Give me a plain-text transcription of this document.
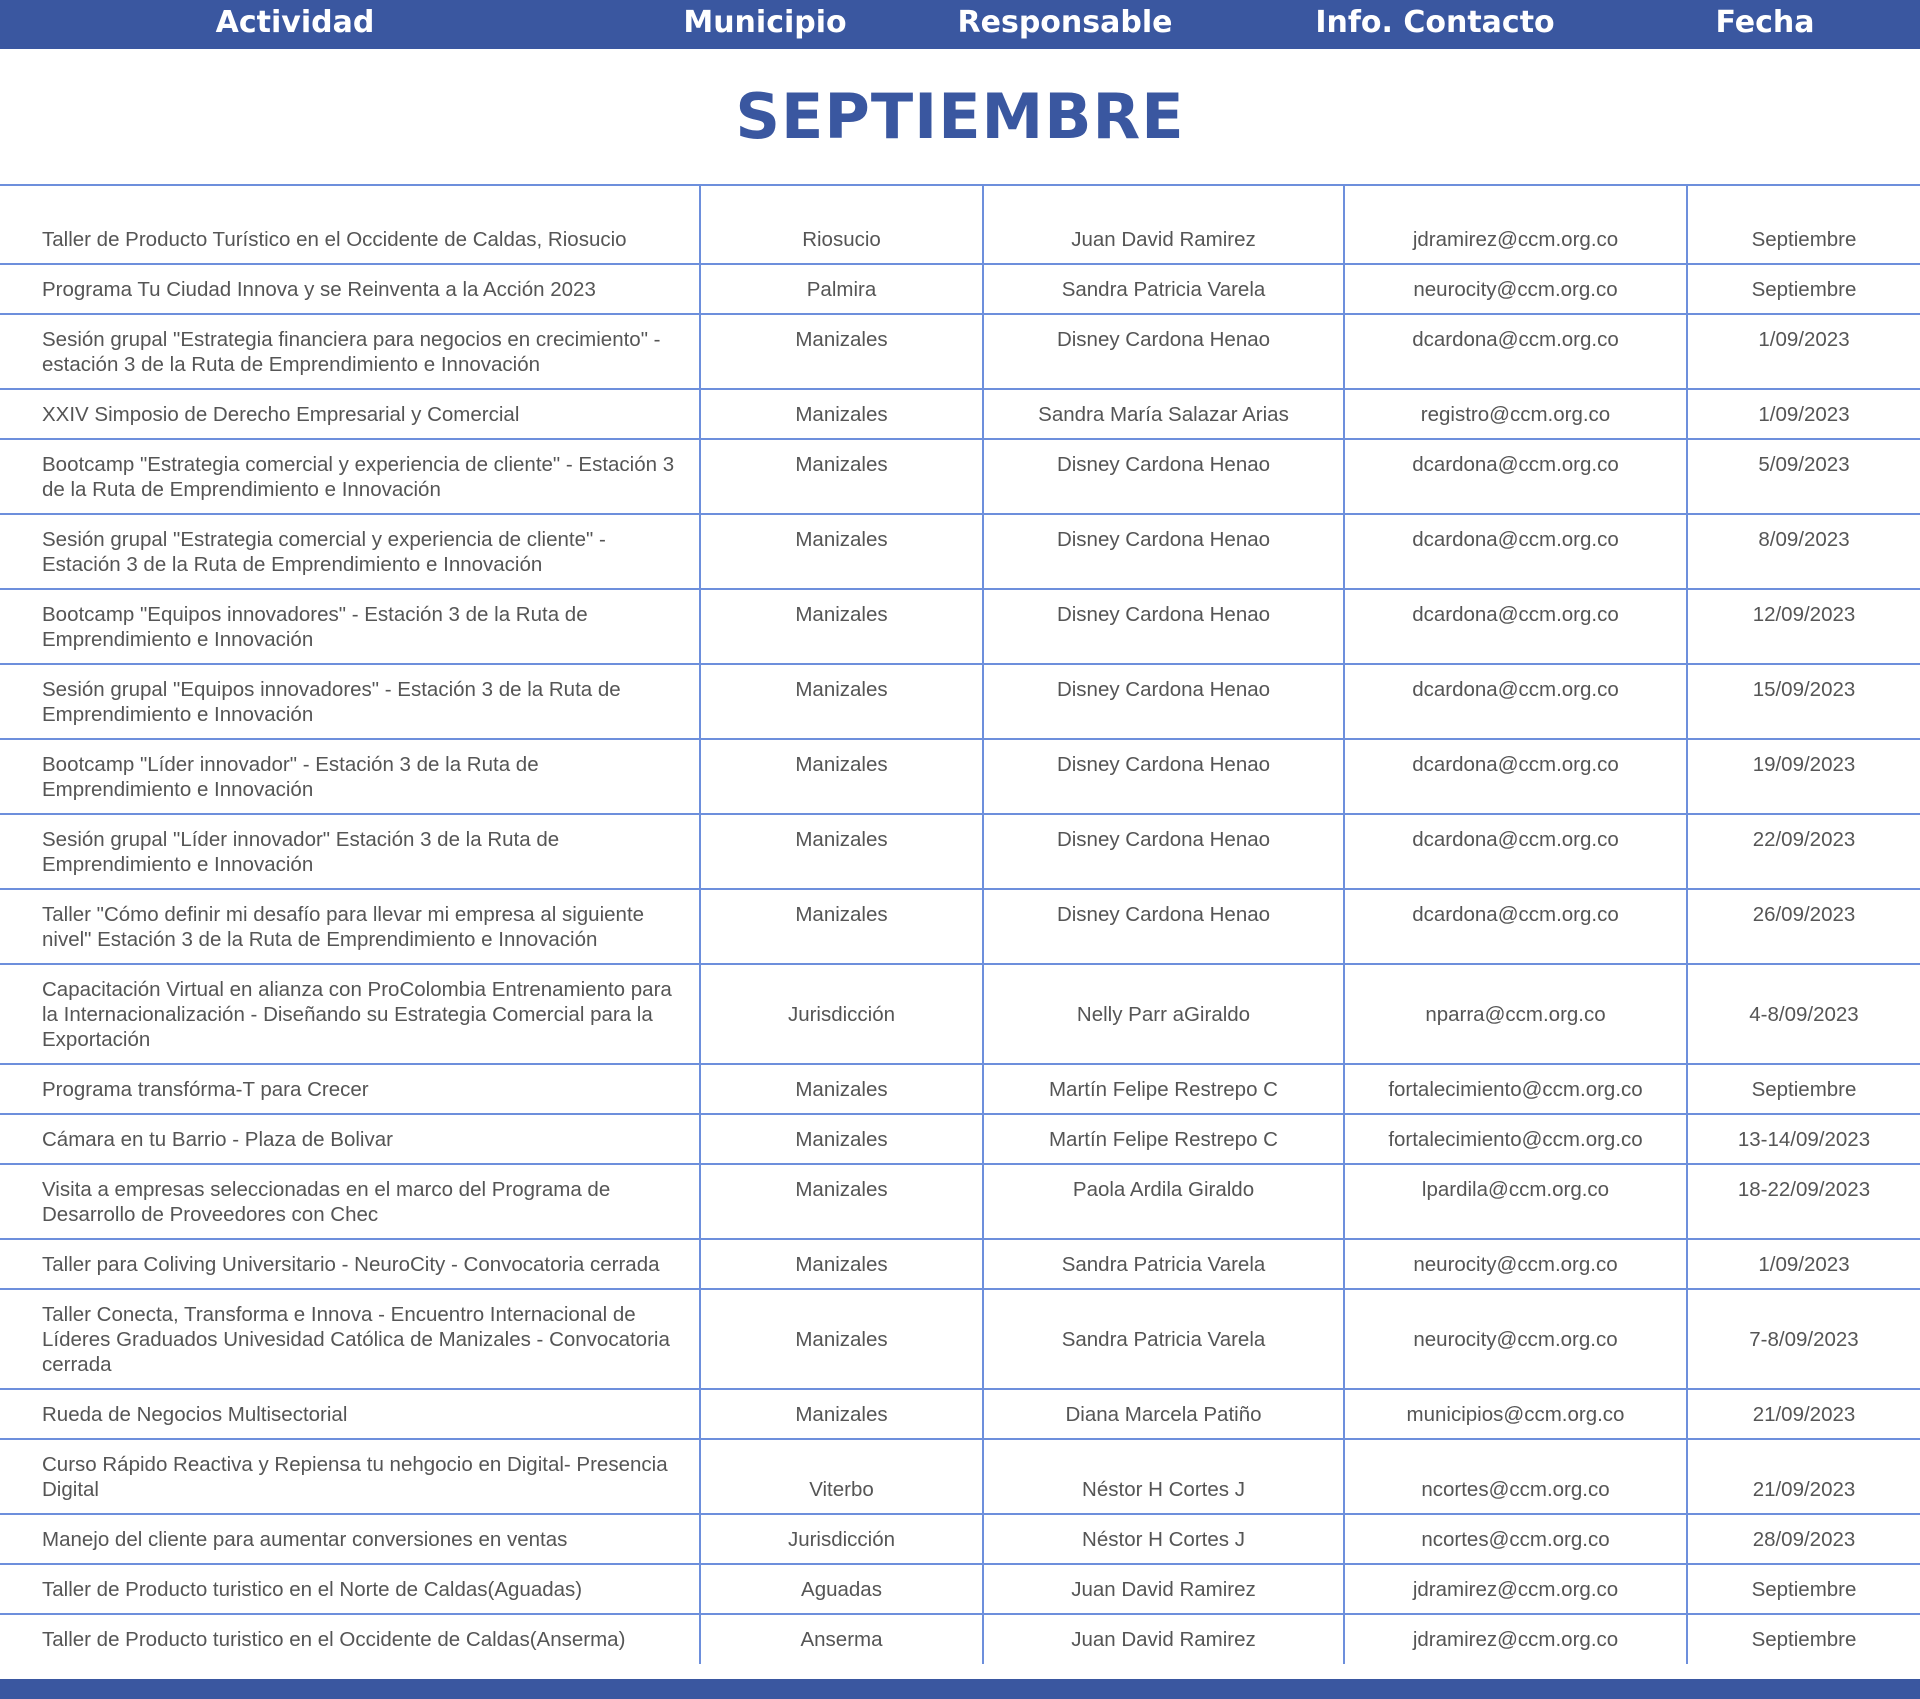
Actividad	Municipio	Responsable	Info. Contacto	Fecha
SEPTIEMBRE
Taller de Producto Turístico en el Occidente de Caldas, Riosucio	Riosucio	Juan David Ramirez	jdramirez@ccm.org.co	Septiembre
Programa Tu Ciudad Innova y se Reinventa a la Acción 2023	Palmira	Sandra Patricia Varela	neurocity@ccm.org.co	Septiembre
Sesión grupal "Estrategia financiera para negocios en crecimiento" - estación 3 de la Ruta de Emprendimiento e Innovación	Manizales	Disney Cardona Henao	dcardona@ccm.org.co	1/09/2023
XXIV Simposio de Derecho Empresarial y Comercial	Manizales	Sandra María Salazar Arias	registro@ccm.org.co	1/09/2023
Bootcamp "Estrategia comercial y experiencia de cliente" - Estación 3 de la Ruta de Emprendimiento e Innovación	Manizales	Disney Cardona Henao	dcardona@ccm.org.co	5/09/2023
Sesión grupal "Estrategia comercial y experiencia de cliente" - Estación 3 de la Ruta de Emprendimiento e Innovación	Manizales	Disney Cardona Henao	dcardona@ccm.org.co	8/09/2023
Bootcamp "Equipos innovadores" - Estación 3 de la Ruta de Emprendimiento e Innovación	Manizales	Disney Cardona Henao	dcardona@ccm.org.co	12/09/2023
Sesión grupal "Equipos innovadores" - Estación 3 de la Ruta de Emprendimiento e Innovación	Manizales	Disney Cardona Henao	dcardona@ccm.org.co	15/09/2023
Bootcamp "Líder innovador" - Estación 3 de la Ruta de Emprendimiento e Innovación	Manizales	Disney Cardona Henao	dcardona@ccm.org.co	19/09/2023
Sesión grupal "Líder innovador" Estación 3 de la Ruta de Emprendimiento e Innovación	Manizales	Disney Cardona Henao	dcardona@ccm.org.co	22/09/2023
Taller "Cómo definir mi desafío para llevar mi empresa al siguiente nivel" Estación 3 de la Ruta de Emprendimiento e Innovación	Manizales	Disney Cardona Henao	dcardona@ccm.org.co	26/09/2023
Capacitación Virtual en alianza con ProColombia Entrenamiento para la Internacionalización - Diseñando su Estrategia Comercial para la Exportación	Jurisdicción	Nelly Parr aGiraldo	nparra@ccm.org.co	4-8/09/2023
Programa transfórma-T para Crecer	Manizales	Martín Felipe Restrepo C	fortalecimiento@ccm.org.co	Septiembre
Cámara en tu Barrio - Plaza de Bolivar	Manizales	Martín Felipe Restrepo C	fortalecimiento@ccm.org.co	13-14/09/2023
Visita a empresas seleccionadas en el marco del Programa de Desarrollo de Proveedores con Chec	Manizales	Paola Ardila Giraldo	lpardila@ccm.org.co	18-22/09/2023
Taller para Coliving Universitario - NeuroCity - Convocatoria cerrada	Manizales	Sandra Patricia Varela	neurocity@ccm.org.co	1/09/2023
Taller Conecta, Transforma e Innova - Encuentro Internacional de Líderes Graduados Univesidad Católica de Manizales - Convocatoria cerrada	Manizales	Sandra Patricia Varela	neurocity@ccm.org.co	7-8/09/2023
Rueda de Negocios Multisectorial	Manizales	Diana Marcela Patiño	municipios@ccm.org.co	21/09/2023
Curso Rápido Reactiva y Repiensa tu nehgocio en Digital- Presencia Digital	Viterbo	Néstor H Cortes J	ncortes@ccm.org.co	21/09/2023
Manejo del cliente para aumentar conversiones en ventas	Jurisdicción	Néstor H Cortes J	ncortes@ccm.org.co	28/09/2023
Taller de Producto turistico en el Norte de Caldas(Aguadas)	Aguadas	Juan David Ramirez	jdramirez@ccm.org.co	Septiembre
Taller de Producto turistico en el Occidente de Caldas(Anserma)	Anserma	Juan David Ramirez	jdramirez@ccm.org.co	Septiembre
